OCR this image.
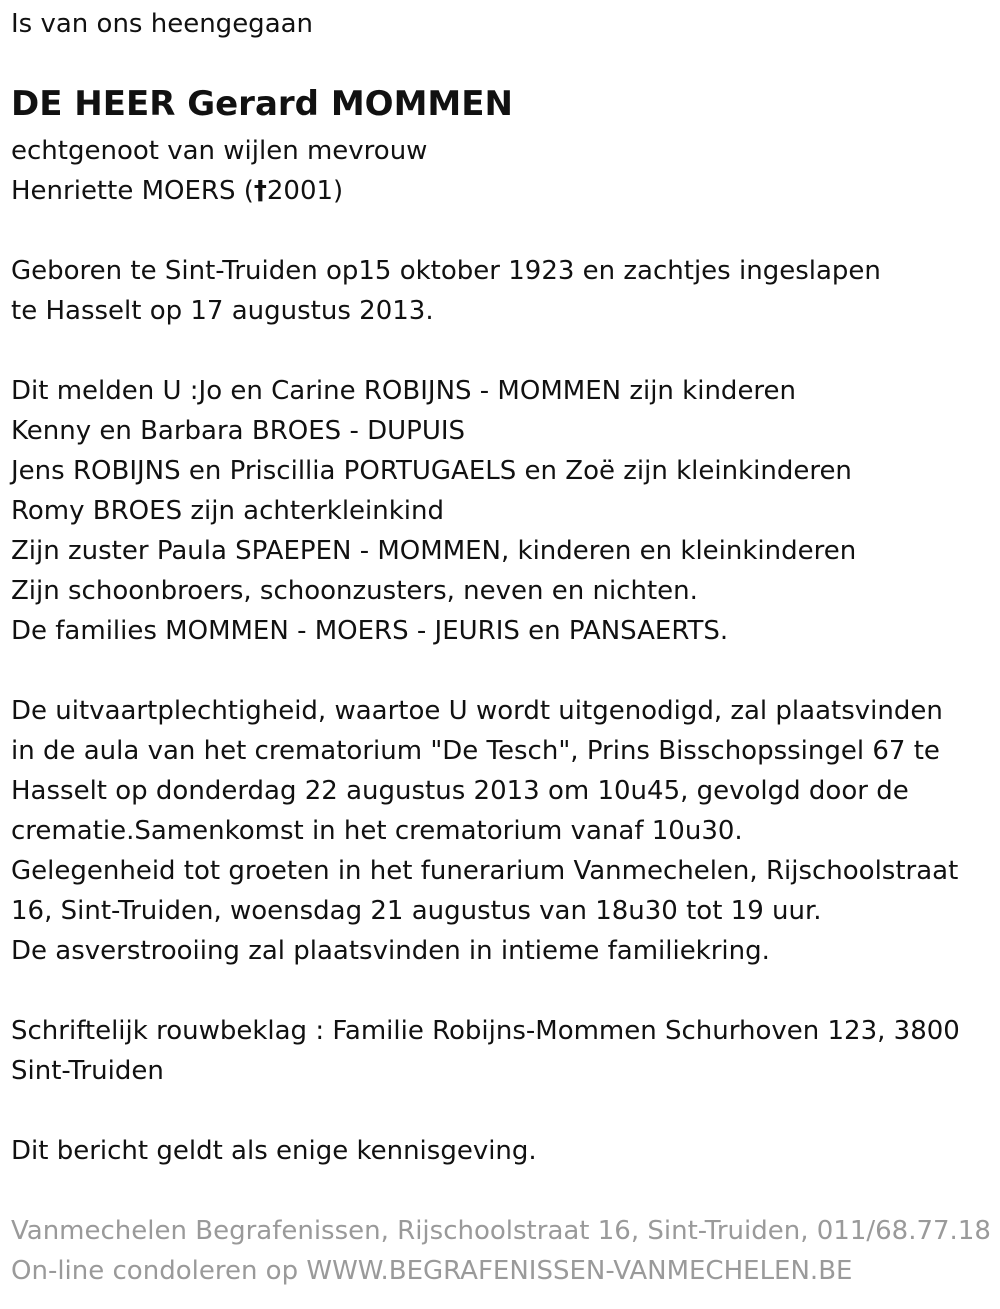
Is van ons heengegaan
DE HEER Gerard MOMMEN
echtgenoot van wijlen mevrouw
Henriette MOERS (†2001)
Geboren te Sint-Truiden op15 oktober 1923 en zachtjes ingeslapen
te Hasselt op 17 augustus 2013.
Dit melden U :Jo en Carine ROBIJNS - MOMMEN zijn kinderen
Kenny en Barbara BROES - DUPUIS
Jens ROBIJNS en Priscillia PORTUGAELS en Zoë zijn kleinkinderen
Romy BROES zijn achterkleinkind
Zijn zuster Paula SPAEPEN - MOMMEN, kinderen en kleinkinderen
Zijn schoonbroers, schoonzusters, neven en nichten.
De families MOMMEN - MOERS - JEURIS en PANSAERTS.
De uitvaartplechtigheid, waartoe U wordt uitgenodigd, zal plaatsvinden
in de aula van het crematorium "De Tesch", Prins Bisschopssingel 67 te
Hasselt op donderdag 22 augustus 2013 om 10u45, gevolgd door de
crematie.Samenkomst in het crematorium vanaf 10u30.
Gelegenheid tot groeten in het funerarium Vanmechelen, Rijschoolstraat
16, Sint-Truiden, woensdag 21 augustus van 18u30 tot 19 uur.
De asverstrooiing zal plaatsvinden in intieme familiekring.
Schriftelijk rouwbeklag : Familie Robijns-Mommen Schurhoven 123, 3800
Sint-Truiden
Dit bericht geldt als enige kennisgeving.
Vanmechelen Begrafenissen, Rijschoolstraat 16, Sint-Truiden, 011/68.77.18
On-line condoleren op WWW.BEGRAFENISSEN-VANMECHELEN.BE
